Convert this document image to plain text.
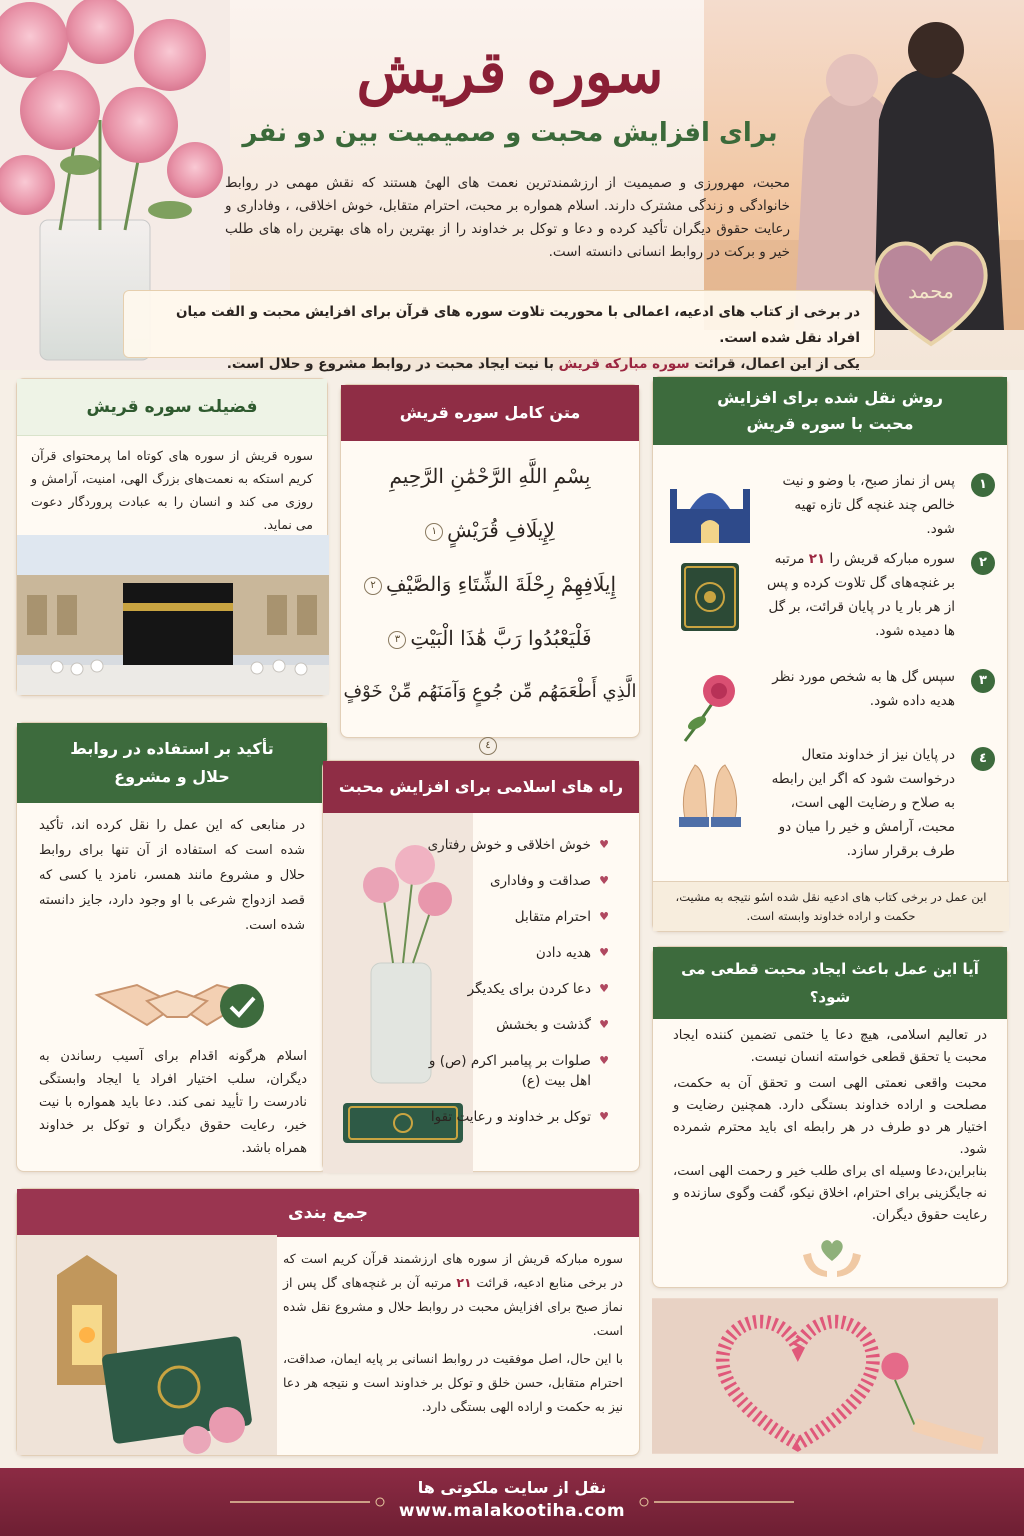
سوره قریش
برای افزایش محبت و صمیمیت بین دو نفر
محبت، مهرورزی و صمیمیت از ارزشمندترین نعمت های الهیٔ هستند که نقش مهمی در روابط خانوادگی و زندگی مشترک دارند. اسلام همواره بر محبت، احترام متقابل، خوش اخلاقی، ، وفاداری و رعایت حقوق دیگران تأکید کرده و دعا و توکل بر خداوند را از بهترین راه های بهترین راه های طلب خیر و برکت در روابط انسانی دانسته است.
در برخی از کتاب های ادعیه، اعمالی با محوریت تلاوت سوره های قرآن برای افزایش محبت و الفت میان افراد نقل شده است.
یکی از این اعمال، قرائت سوره مبارکه قریش با نیت ایجاد محبت در روابط مشروع و حلال است.
محمد
فضیلت سوره قریش
سوره قریش از سوره های کوتاه اما پرمحتوای قرآن کریم استکه به نعمت‌های بزرگ الهی، امنیت، آرامش و روزی می کند و انسان را به عبادت پروردگار دعوت می نماید.
متن کامل سوره قریش
بِسْمِ اللَّهِ الرَّحْمَٰنِ الرَّحِيمِ
لِإِيلَافِ قُرَيْشٍ١
إِيلَافِهِمْ رِحْلَةَ الشِّتَاءِ وَالصَّيْفِ٢
فَلْيَعْبُدُوا رَبَّ هَٰذَا الْبَيْتِ٣
الَّذِي أَطْعَمَهُم مِّن جُوعٍ وَآمَنَهُم مِّنْ خَوْفٍ٤
روش نقل شده برای افزایش محبت با سوره قریش
١
پس از نماز صبح، با وضو و نیت خالص چند غنچه گل تازه تهیه شود.
٢
سوره مبارکه قریش را ٢١ مرتبه بر غنچه‌های گل تلاوت کرده و پس از هر بار یا در پایان قرائت، بر گل ها دمیده شود.
٣
سپس گل ها به شخص مورد نظر هدیه داده شود.
٤
در پایان نیز از خداوند متعال درخواست شود که اگر این رابطه به صلاح و رضایت الهی است، محبت، آرامش و خیر را میان دو طرف برقرار سازد.
این عمل در برخی کتاب های ادعیه نقل شده اسٔو نتیجه به مشیت، حکمت و اراده خداوند وابسته است.
تأکید بر استفاده در روابط حلال و مشروع
در منابعی که این عمل را نقل کرده اند، تأکید شده است که استفاده از آن تنها برای روابط حلال و مشروع مانند همسر، نامزد یا کسی که قصد ازدواج شرعی با او وجود دارد، جایز دانسته شده است.
اسلام هرگونه اقدام برای آسیب رساندن به دیگران، سلب اختیار افراد یا ایجاد وابستگی نادرست را تأیید نمی کند. دعا باید همواره با نیت خیر، رعایت حقوق دیگران و توکل بر خداوند همراه باشد.
راه های اسلامی برای افزایش محبت
♥ خوش اخلاقی و خوش رفتاری
♥ صداقت و وفاداری
♥ احترام متقابل
♥ هدیه دادن
♥ دعا کردن برای یکدیگر
♥ گذشت و بخشش
♥ صلوات بر پیامبر اکرم (ص) و اهل بیت (ع)
♥ توکل بر خداوند و رعایت تقوا
آیا این عمل باعث ایجاد محبت قطعی می شود؟
در تعالیم اسلامی، هیچ دعا یا ختمی تضمین کننده ایجاد محبت یا تحقق قطعی خواسته انسان نیست.
محبت واقعی نعمتی الهی است و تحقق آن به حکمت، مصلحت و اراده خداوند بستگی دارد. همچنین رضایت و اختیار هر دو طرف در هر رابطه ای باید محترم شمرده شود.
بنابراین،دعا وسیله ای برای طلب خیر و رحمت الهی است، نه جایگزینی برای احترام، اخلاق نیکو، گفت وگوی سازنده و رعایت حقوق دیگران.
جمع بندی
سوره مبارکه قریش از سوره های ارزشمند قرآن کریم است که در برخی منابع ادعیه، قرائت ٢١ مرتبه آن بر غنچه‌های گل پس از نماز صبح برای افزایش محبت در روابط حلال و مشروع نقل شده است.
با این حال، اصل موفقیت در روابط انسانی بر پایه ایمان، صداقت، احترام متقابل، حسن خلق و توکل بر خداوند است و نتیجه هر دعا نیز به حکمت و اراده الهی بستگی دارد.
نقل از سایت ملکوتی ها
www.malakootiha.com
